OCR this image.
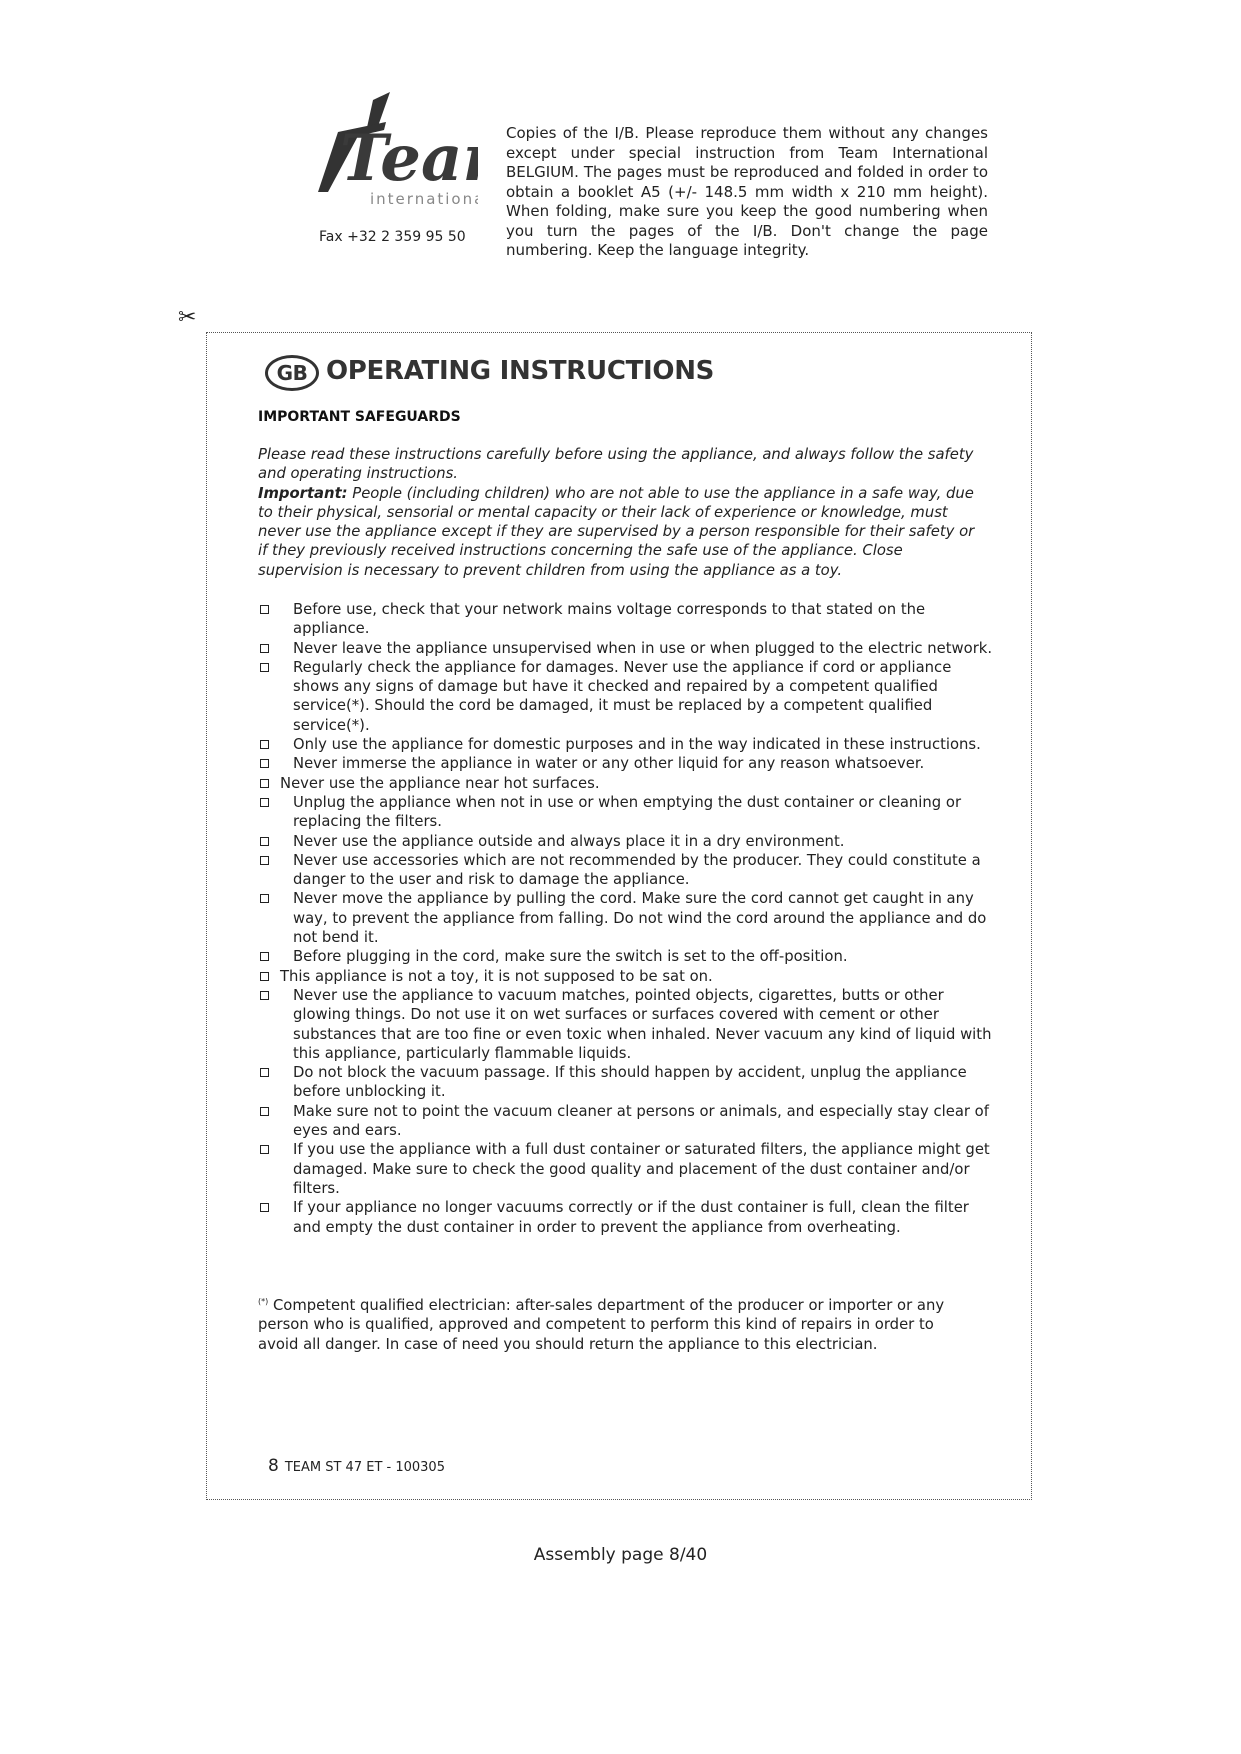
Tea
internation
Fax +32 2 359 95 50
Copies of the I/B. Please reproduce them without any changes except under special instruction from Team International BELGIUM. The pages must be reproduced and folded in order to obtain a booklet A5 (+/- 148.5 mm width x 210 mm height). When folding, make sure you keep the good numbering when you turn the pages of the I/B. Don't change the page numbering. Keep the language integrity.
✂
GB OPERATING INSTRUCTIONS
IMPORTANT SAFEGUARDS

Please read these instructions carefully before using the appliance, and always follow the safety and operating instructions.

Important: People (including children) who are not able to use the appliance in a safe way, due to their physical, sensorial or mental capacity or their lack of experience or knowledge, must never use the appliance except if they are supervised by a person responsible for their safety or if they previously received instructions concerning the safe use of the appliance. Close supervision is necessary to prevent children from using the appliance as a toy.

Before use, check that your network mains voltage corresponds to that stated on the appliance.
Never leave the appliance unsupervised when in use or when plugged to the electric network.
Regularly check the appliance for damages. Never use the appliance if cord or appliance shows any signs of damage but have it checked and repaired by a competent qualified service(*). Should the cord be damaged, it must be replaced by a competent qualified service(*).
Only use the appliance for domestic purposes and in the way indicated in these instructions.
Never immerse the appliance in water or any other liquid for any reason whatsoever.
Never use the appliance near hot surfaces.
Unplug the appliance when not in use or when emptying the dust container or cleaning or replacing the filters.
Never use the appliance outside and always place it in a dry environment.
Never use accessories which are not recommended by the producer. They could constitute a danger to the user and risk to damage the appliance.
Never move the appliance by pulling the cord. Make sure the cord cannot get caught in any way, to prevent the appliance from falling. Do not wind the cord around the appliance and do not bend it.
Before plugging in the cord, make sure the switch is set to the off-position.
This appliance is not a toy, it is not supposed to be sat on.
Never use the appliance to vacuum matches, pointed objects, cigarettes, butts or other glowing things. Do not use it on wet surfaces or surfaces covered with cement or other substances that are too fine or even toxic when inhaled. Never vacuum any kind of liquid with this appliance, particularly flammable liquids.
Do not block the vacuum passage. If this should happen by accident, unplug the appliance before unblocking it.
Make sure not to point the vacuum cleaner at persons or animals, and especially stay clear of eyes and ears.
If you use the appliance with a full dust container or saturated filters, the appliance might get damaged. Make sure to check the good quality and placement of the dust container and/or filters.
If your appliance no longer vacuums correctly or if the dust container is full, clean the filter and empty the dust container in order to prevent the appliance from overheating.
(*) Competent qualified electrician: after-sales department of the producer or importer or any person who is qualified, approved and competent to perform this kind of repairs in order to avoid all danger. In case of need you should return the appliance to this electrician.
8 TEAM ST 47 ET - 100305
Assembly page 8/40
